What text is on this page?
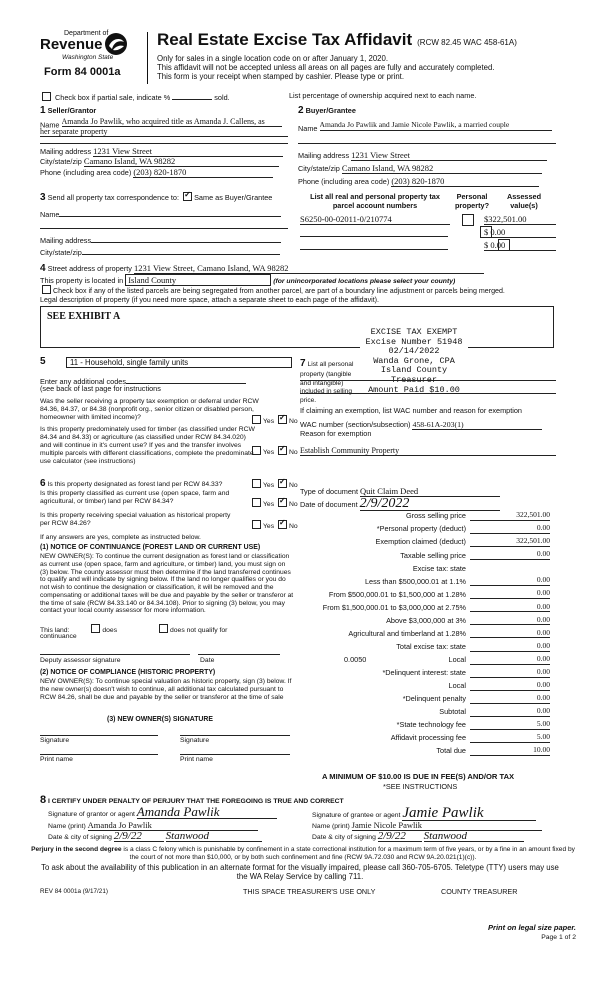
Department of
Revenue
Washington State
Form 84 0001a
Real Estate Excise Tax Affidavit (RCW 82.45 WAC 458-61A)
Only for sales in a single location code on or after January 1, 2020.
This affidavit will not be accepted unless all areas on all pages are fully and accurately completed.
This form is your receipt when stamped by cashier. Please type or print.
Check box if partial sale, indicate %	sold.	List percentage of ownership acquired next to each name.
1 Seller/Grantor
Name Amanda Jo Pawlik, who acquired title as Amanda J. Callens, as
her separate property
Mailing address 1231 View Street
City/state/zip Camano Island, WA 98282
Phone (including area code) (203) 820-1870
2 Buyer/Grantee
Name Amanda Jo Pawlik and Jamie Nicole Pawlik, a married couple
Mailing address 1231 View Street
City/state/zip Camano Island, WA 98282
Phone (including area code) (203) 820-1870
3 Send all property tax correspondence to: ✓ Same as Buyer/Grantee
Name
Mailing address
City/state/zip
List all real and personal property tax parcel account numbers
Personal property?
Assessed value(s)
S6250-00-02011-0/210774
	$322,501.00

$ 0.00
$ 0.00
4 Street address of property 1231 View Street, Camano Island, WA 98282
This property is located in Island County	(for unincorporated locations please select your county)
Check box if any of the listed parcels are being segregated from another parcel, are part of a boundary line adjustment or parcels being merged.
Legal description of property (if you need more space, attach a separate sheet to each page of the affidavit).
SEE EXHIBIT A
EXCISE TAX EXEMPT
Excise Number 51948
02/14/2022
Wanda Grone, CPA
Island County Treasurer
Amount Paid $10.00
5	11 - Household, single family units
Enter any additional codes
(see back of last page for instructions
Was the seller receiving a property tax exemption or deferral under RCW 84.36, 84.37, or 84.38 (nonprofit org., senior citizen or disabled person, homeowner with limited income)?
Yes ✓ No
Is this property predominately used for timber (as classified under RCW 84.34 and 84.33) or agriculture (as classified under RCW 84.34.020) and will continue in it's current use? If yes and the transfer involves multiple parcels with different classifications, complete the predominate use calculator (see instructions)
Yes ✓ No
7 List all personal property (tangible and intangible) included in selling price.
If claiming an exemption, list WAC number and reason for exemption
WAC number (section/subsection) 458-61A-203(1)
Reason for exemption
Establish Community Property
6 Is this property designated as forest land per RCW 84.33?	Yes ✓ No
Is this property classified as current use (open space, farm and agricultural, or timber) land per RCW 84.34?	Yes ✓ No
Is this property receiving special valuation as historical property per RCW 84.26?	Yes ✓ No
If any answers are yes, complete as instructed below.
(1) NOTICE OF CONTINUANCE (FOREST LAND OR CURRENT USE)
NEW OWNER(S): To continue the current designation as forest land or classification as current use (open space, farm and agriculture, or timber) land, you must sign on (3) below. The county assessor must then determine if the land transferred continues to qualify and will indicate by signing below. If the land no longer qualifies or you do not wish to continue the designation or classification, it will be removed and the compensating or additional taxes will be due and payable by the seller or transferor at the time of sale (RCW 84.33.140 or 84.34.108). Prior to signing (3) below, you may contact your local county assessor for more information.
This land:	does	does not qualify for
continuance
Deputy assessor signature	Date
(2) NOTICE OF COMPLIANCE (HISTORIC PROPERTY)
NEW OWNER(S): To continue special valuation as historic property, sign (3) below. If the new owner(s) doesn't wish to continue, all additional tax calculated pursuant to RCW 84.26, shall be due and payable by the seller or transferor at the time of sale
(3) NEW OWNER(S) SIGNATURE
Signature	Signature
Print name	Print name
Type of document Quit Claim Deed
Date of document 2/9/2022
Gross selling price	322,501.00
*Personal property (deduct)	0.00
Exemption claimed (deduct)	322,501.00
Taxable selling price	0.00
Excise tax: state
Less than $500,000.01 at 1.1%	0.00
From $500,000.01 to $1,500,000 at 1.28%	0.00
From $1,500,000.01 to $3,000,000 at 2.75%	0.00
Above $3,000,000 at 3%	0.00
Agricultural and timberland at 1.28%	0.00
Total excise tax: state	0.00
Local
0.0050	0.00
*Delinquent interest: state	0.00
Local	0.00
*Delinquent penalty	0.00
Subtotal	0.00
*State technology fee	5.00
Affidavit processing fee	5.00
Total due	10.00
A MINIMUM OF $10.00 IS DUE IN FEE(S) AND/OR TAX
*SEE INSTRUCTIONS
8 I CERTIFY UNDER PENALTY OF PERJURY THAT THE FOREGOING IS TRUE AND CORRECT
Signature of grantor or agent Amanda Pawlik
Name (print) Amanda Jo Pawlik
Date & city of signing 2/9/22 Stanwood
Signature of grantee or agent Jamie Pawlik
Name (print) Jamie Nicole Pawlik
Date & city of signing 2/9/22 Stanwood
Perjury in the second degree is a class C felony which is punishable by confinement in a state correctional institution for a maximum term of five years, or by a fine in an amount fixed by the court of not more than $10,000, or by both such confinement and fine (RCW 9A.72.030 and RCW 9A.20.021(1)(c)).
To ask about the availability of this publication in an alternate format for the visually impaired, please call 360-705-6705. Teletype (TTY) users may use the WA Relay Service by calling 711.
REV 84 0001a (9/17/21)	THIS SPACE TREASURER'S USE ONLY	COUNTY TREASURER
Print on legal size paper.
Page 1 of 2
